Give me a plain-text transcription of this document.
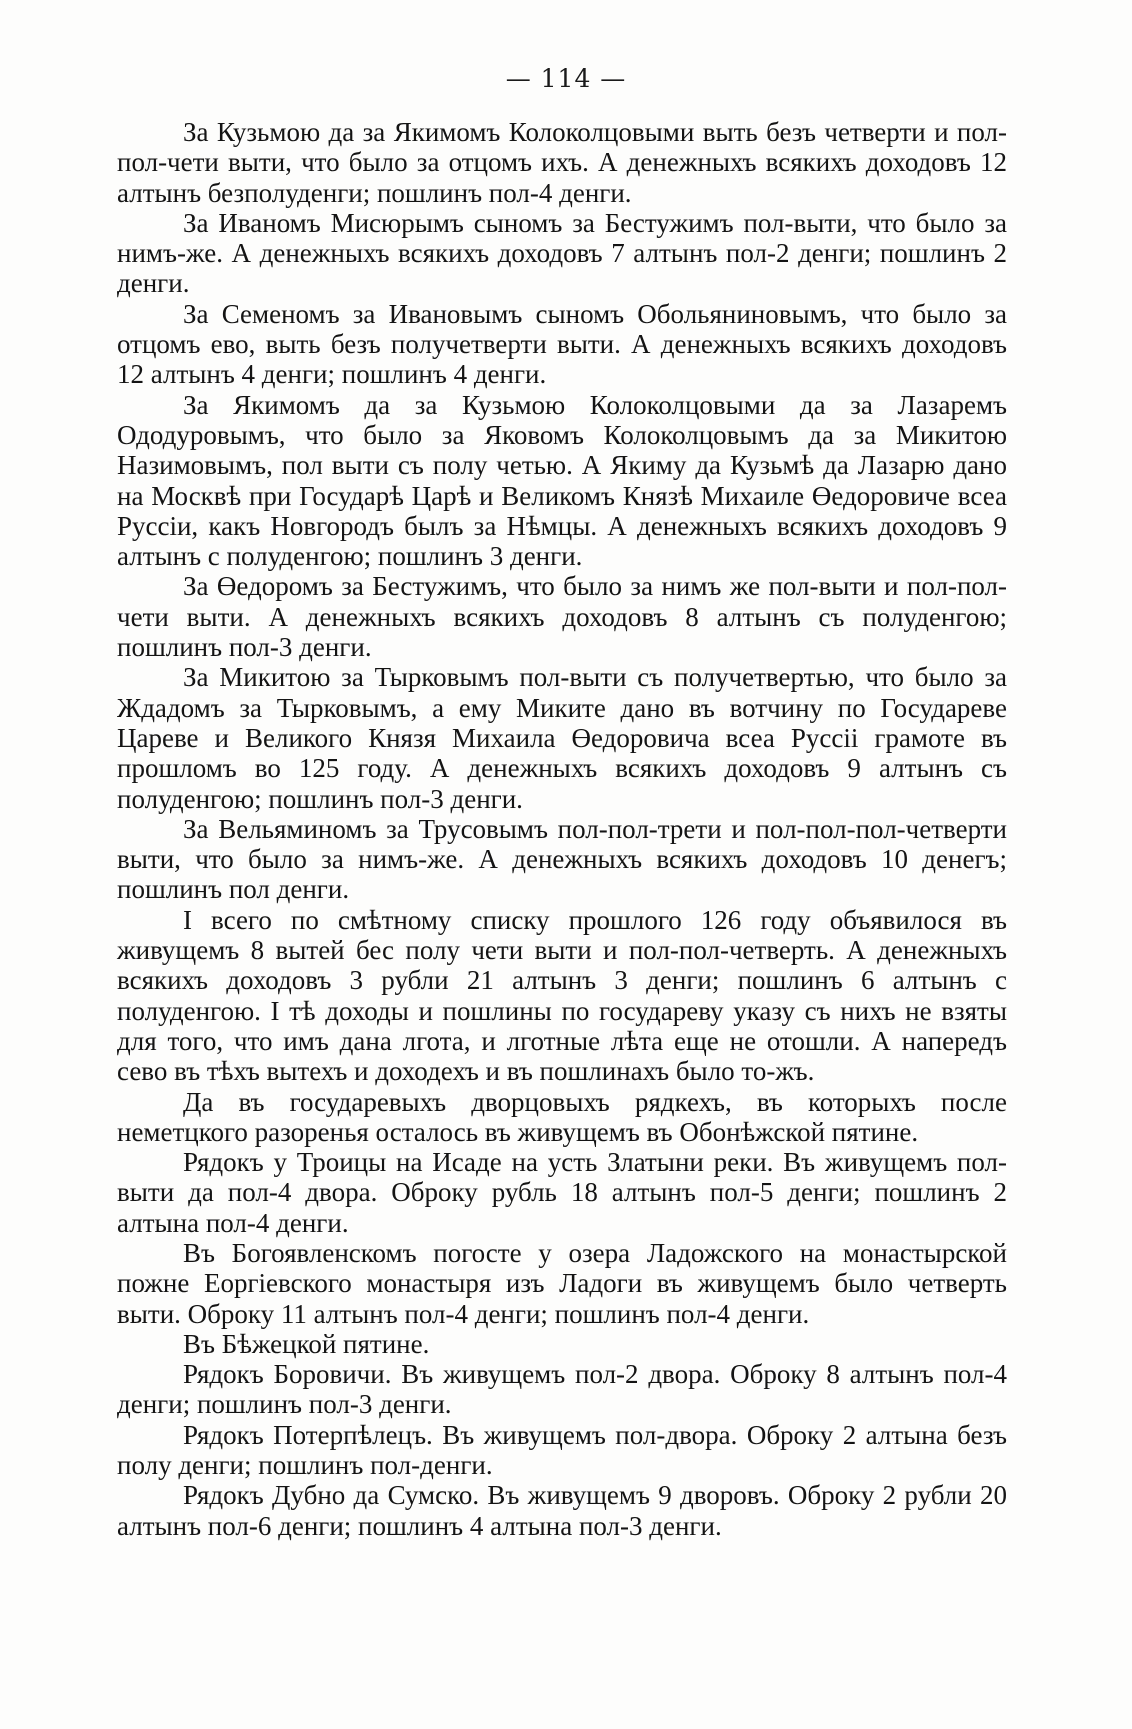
— 114 —

За Кузьмою да за Якимомъ Колоколцовыми выть безъ четверти и пол-пол-чети выти, что было за отцомъ ихъ. А денежныхъ всякихъ доходовъ 12 алтынъ безполуденги; пошлинъ пол-4 денги.

За Иваномъ Мисюрымъ сыномъ за Бестужимъ пол-выти, что было за нимъ-же. А денежныхъ всякихъ доходовъ 7 алтынъ пол-2 денги; пошлинъ 2 денги.

За Семеномъ за Ивановымъ сыномъ Обольяниновымъ, что было за отцомъ ево, выть безъ получетверти выти. А денежныхъ всякихъ доходовъ 12 алтынъ 4 денги; пошлинъ 4 денги.

За Якимомъ да за Кузьмою Колоколцовыми да за Лазаремъ Ододуровымъ, что было за Яковомъ Колоколцовымъ да за Микитою Назимовымъ, пол выти съ полу четью. А Якиму да Кузьмѣ да Лазарю дано на Москвѣ при Государѣ Царѣ и Великомъ Князѣ Михаиле Өедоровиче всеа Руссіи, какъ Новгородъ былъ за Нѣмцы. А денежныхъ всякихъ доходовъ 9 алтынъ с полуденгою; пошлинъ 3 денги.

За Өедоромъ за Бестужимъ, что было за нимъ же пол-выти и пол-пол-чети выти. А денежныхъ всякихъ доходовъ 8 алтынъ съ полуденгою; пошлинъ пол-3 денги.

За Микитою за Тырковымъ пол-выти съ получетвертью, что было за Ждадомъ за Тырковымъ, а ему Миките дано въ вотчину по Государеве Цареве и Великого Князя Михаила Өедоровича всеа Руссіі грамоте въ прошломъ во 125 году. А денежныхъ всякихъ доходовъ 9 алтынъ съ полуденгою; пошлинъ пол-3 денги.

За Вельяминомъ за Трусовымъ пол-пол-трети и пол-пол-пол-четверти выти, что было за нимъ-же. А денежныхъ всякихъ доходовъ 10 денегъ; пошлинъ пол денги.

І всего по смѣтному списку прошлого 126 году объявилося въ живущемъ 8 вытей бес полу чети выти и пол-пол-четверть. А денежныхъ всякихъ доходовъ 3 рубли 21 алтынъ 3 денги; пошлинъ 6 алтынъ с полуденгою. І тѣ доходы и пошлины по государеву указу съ нихъ не взяты для того, что имъ дана лгота, и лготные лѣта еще не отошли. А напередъ сево въ тѣхъ вытехъ и доходехъ и въ пошлинахъ было то-жъ.

Да въ государевыхъ дворцовыхъ рядкехъ, въ которыхъ после неметцкого разоренья осталось въ живущемъ въ Обонѣжской пятине.

Рядокъ у Троицы на Исаде на усть Златыни реки. Въ живущемъ пол-выти да пол-4 двора. Оброку рубль 18 алтынъ пол-5 денги; пошлинъ 2 алтына пол-4 денги.

Въ Богоявленскомъ погосте у озера Ладожского на монастырской пожне Еоргіевского монастыря изъ Ладоги въ живущемъ было четверть выти. Оброку 11 алтынъ пол-4 денги; пошлинъ пол-4 денги.

Въ Бѣжецкой пятине.

Рядокъ Боровичи. Въ живущемъ пол-2 двора. Оброку 8 алтынъ пол-4 денги; пошлинъ пол-3 денги.

Рядокъ Потерпѣлецъ. Въ живущемъ пол-двора. Оброку 2 алтына безъ полу денги; пошлинъ пол-денги.

Рядокъ Дубно да Сумско. Въ живущемъ 9 дворовъ. Оброку 2 рубли 20 алтынъ пол-6 денги; пошлинъ 4 алтына пол-3 денги.
